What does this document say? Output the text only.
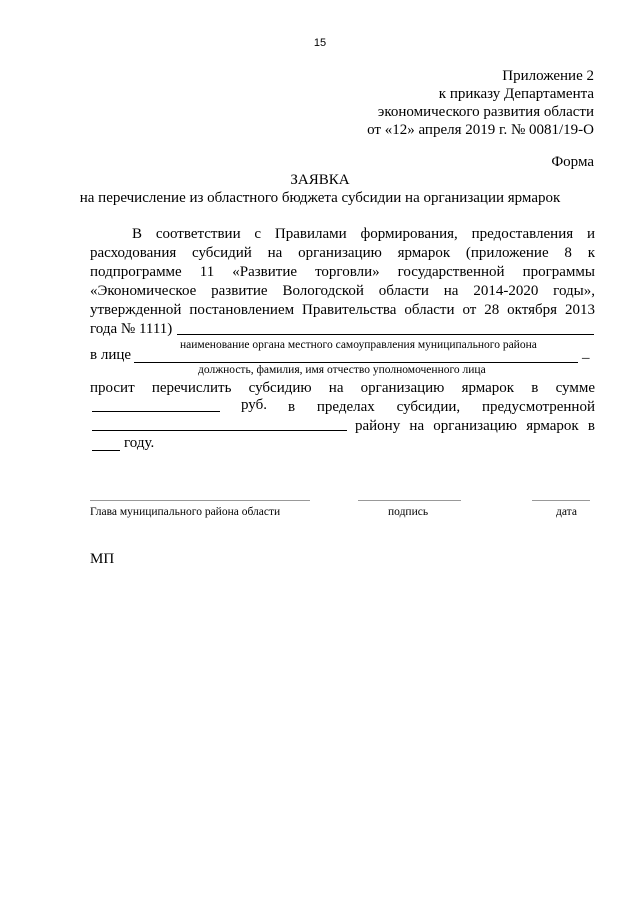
15
Приложение 2
к приказу Департамента
экономического развития области
от «12» апреля 2019 г. № 0081/19-О
Форма
ЗАЯВКА
на перечисление из областного бюджета субсидии на организации ярмарок
В соответствии с Правилами формирования, предоставления и
расходования субсидий на организацию ярмарок (приложение 8 к
подпрограмме 11 «Развитие торговли» государственной программы
«Экономическое развитие Вологодской области на 2014-2020 годы»,
утвержденной постановлением Правительства области от 28 октября 2013
года № 1111)
наименование органа местного самоуправления муниципального района
в лице	_
должность, фамилия, имя отчество уполномоченного лица
просит перечислить субсидию на организацию ярмарок в сумме
руб. в пределах субсидии, предусмотренной
району на организацию ярмарок в
году.
Глава муниципального района области	подпись	дата
МП
